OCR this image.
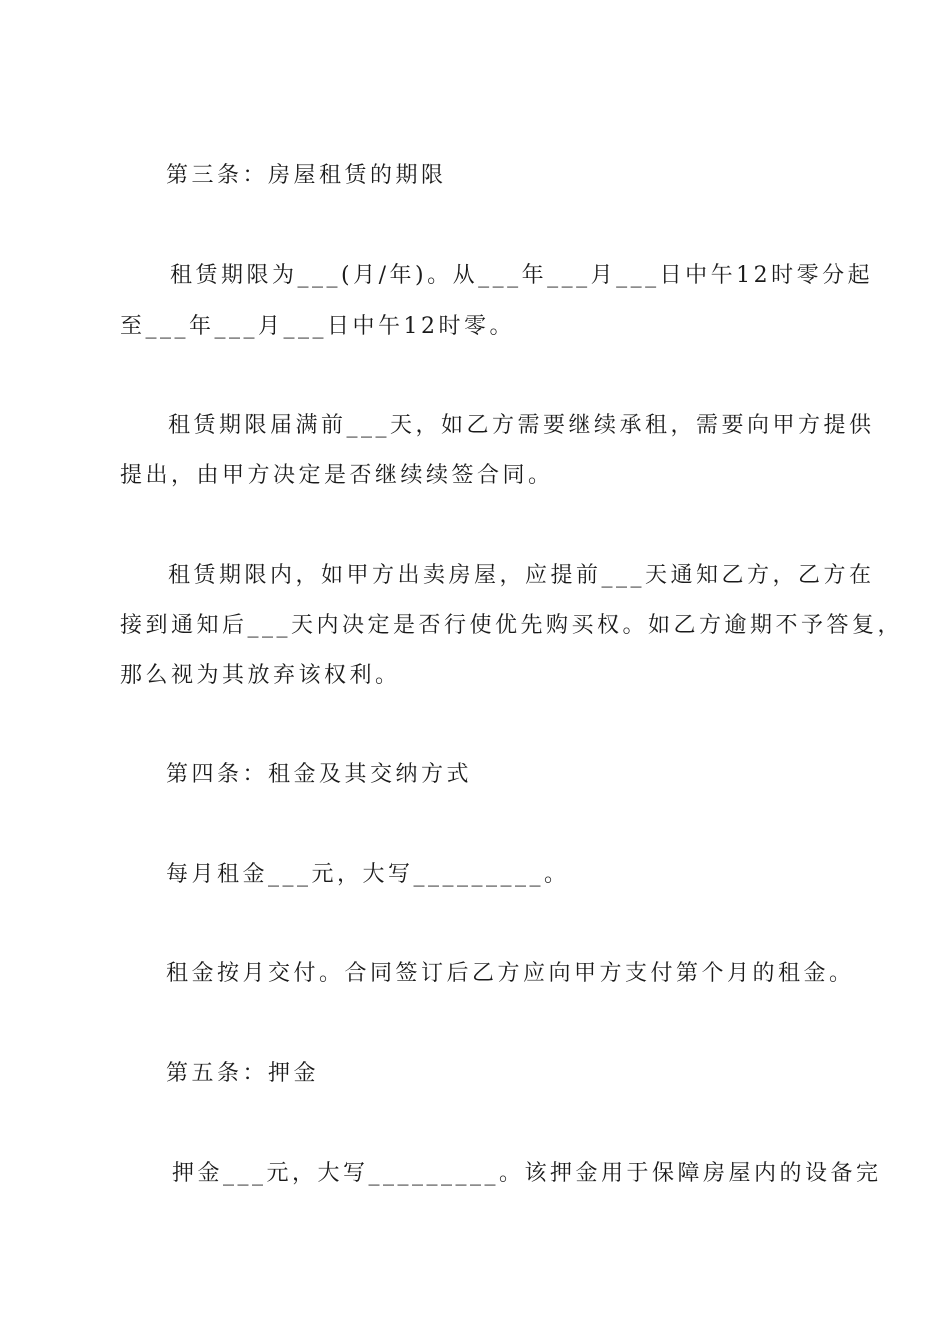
第三条：房屋租赁的期限
租赁期限为___(月/年)。从___年___月___日中午12时零分起
至___年___月___日中午12时零。
租赁期限届满前___天，如乙方需要继续承租，需要向甲方提供
提出，由甲方决定是否继续续签合同。
租赁期限内，如甲方出卖房屋，应提前___天通知乙方，乙方在
接到通知后___天内决定是否行使优先购买权。如乙方逾期不予答复，
那么视为其放弃该权利。
第四条：租金及其交纳方式
每月租金___元，大写_________。
租金按月交付。合同签订后乙方应向甲方支付第个月的租金。
第五条：押金
押金___元，大写_________。该押金用于保障房屋内的设备完
